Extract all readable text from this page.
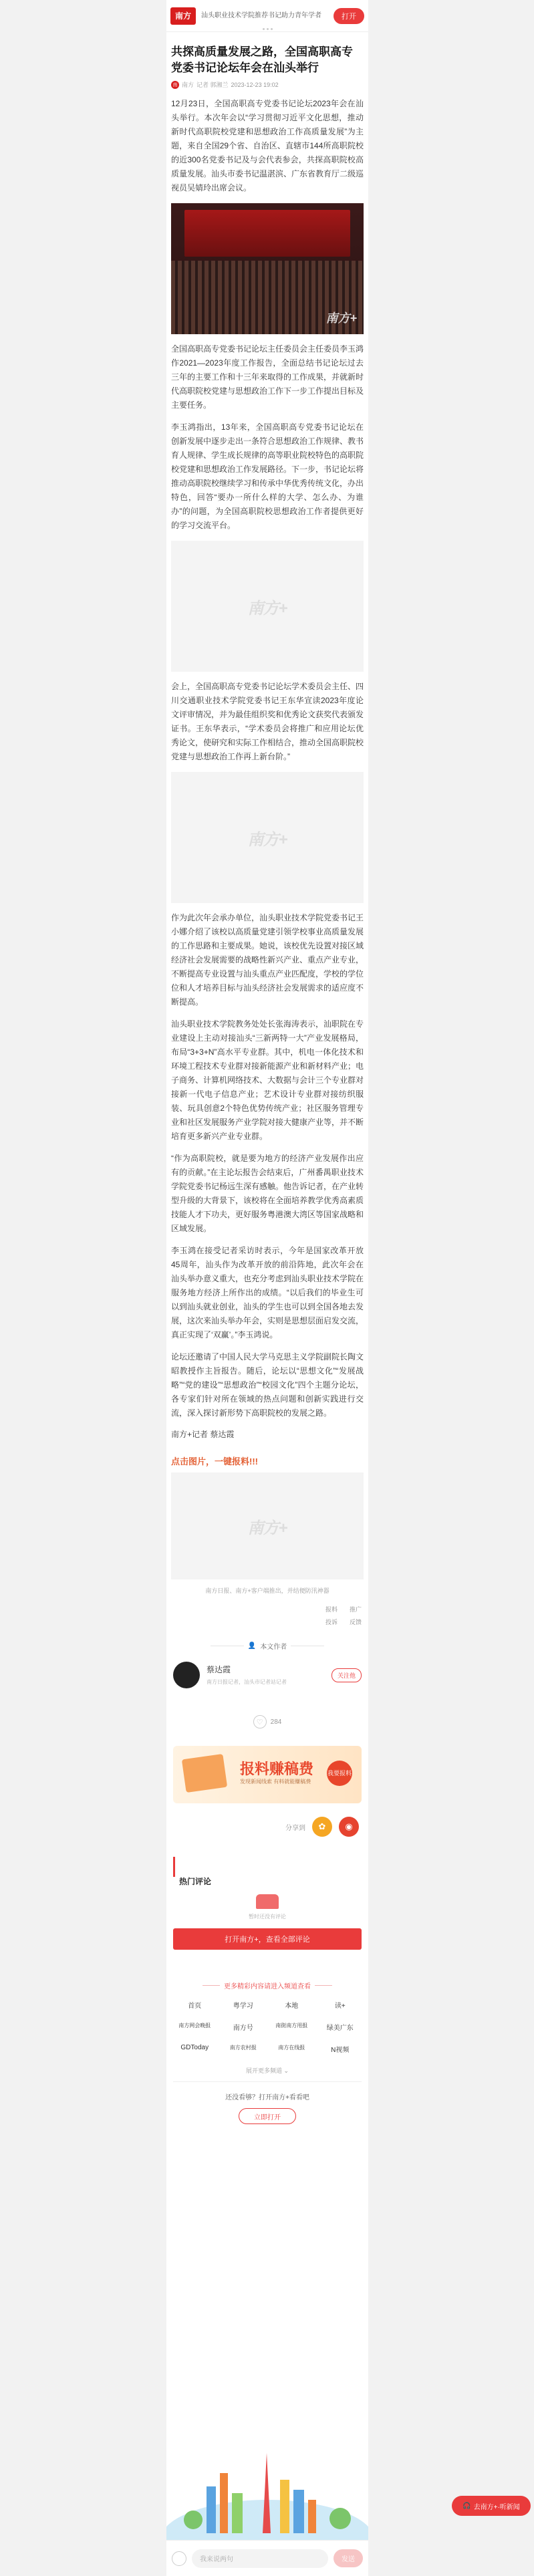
南方	汕头职业技术学院推荐书记助力青年学者	打开
共探高质量发展之路，全国高职高专党委书记论坛年会在汕头举行
南 南方 记者 郭湘兰 2023-12-23 19:02

12月23日，全国高职高专党委书记论坛2023年会在汕头举行。本次年会以“学习贯彻习近平文化思想，推动新时代高职院校党建和思想政治工作高质量发展”为主题，来自全国29个省、自治区、直辖市144所高职院校的近300名党委书记及与会代表参会，共探高职院校高质量发展。汕头市委书记温湛滨、广东省教育厅二级巡视员吴婧玲出席会议。

南方+

全国高职高专党委书记论坛主任委员会主任委员李玉鸿作2021—2023年度工作报告，全面总结书记论坛过去三年的主要工作和十三年来取得的工作成果，并就新时代高职院校党建与思想政治工作下一步工作提出目标及主要任务。

李玉鸿指出，13年来，全国高职高专党委书记论坛在创新发展中逐步走出一条符合思想政治工作规律、教书育人规律、学生成长规律的高等职业院校特色的高职院校党建和思想政治工作发展路径。下一步，书记论坛将推动高职院校继续学习和传承中华优秀传统文化，办出特色，回答“要办一所什么样的大学、怎么办、为谁办”的问题，为全国高职院校思想政治工作者提供更好的学习交流平台。

南方+

会上，全国高职高专党委书记论坛学术委员会主任、四川交通职业技术学院党委书记王东华宣读2023年度论文评审情况，并为最佳组织奖和优秀论文获奖代表颁发证书。王东华表示，“学术委员会将推广和应用论坛优秀论文，使研究和实际工作相结合，推动全国高职院校党建与思想政治工作再上新台阶。”

南方+

作为此次年会承办单位，汕头职业技术学院党委书记王小娜介绍了该校以高质量党建引领学校事业高质量发展的工作思路和主要成果。她说，该校优先设置对接区域经济社会发展需要的战略性新兴产业、重点产业专业，不断提高专业设置与汕头重点产业匹配度，学校的学位位和人才培养目标与汕头经济社会发展需求的适应度不断提高。

汕头职业技术学院教务处处长张海涛表示，汕职院在专业建设上主动对接汕头“三新两特一大”产业发展格局，布局“3+3+N”高水平专业群。其中，机电一体化技术和环境工程技术专业群对接新能源产业和新材料产业；电子商务、计算机网络技术、大数据与会计三个专业群对接新一代电子信息产业；艺术设计专业群对接纺织服装、玩具创意2个特色优势传统产业；社区服务管理专业和社区发展服务产业学院对接大健康产业等，并不断培育更多新兴产业专业群。

“作为高职院校，就是要为地方的经济产业发展作出应有的贡献。”在主论坛报告会结束后，广州番禺职业技术学院党委书记杨远生深有感触。他告诉记者，在产业转型升级的大背景下，该校将在全面培养教学优秀高素质技能人才下功夫，更好服务粤港澳大湾区等国家战略和区域发展。

李玉鸿在接受记者采访时表示，今年是国家改革开放45周年，汕头作为改革开放的前沿阵地，此次年会在汕头举办意义重大，也充分考虑到汕头职业技术学院在服务地方经济上所作出的成绩。“以后我们的毕业生可以到汕头就业创业，汕头的学生也可以到全国各地去发展，这次来汕头举办年会，实则是思想层面启发交流，真正实现了‘双赢’。”李玉鸿说。

论坛还邀请了中国人民大学马克思主义学院副院长陶文昭教授作主旨报告。随后，论坛以“思想文化”“发展战略”“党的建设”“思想政治”“校园文化”四个主题分论坛，各专家们针对所在领域的热点问题和创新实践进行交流，深入探讨新形势下高职院校的发展之路。

南方+记者 蔡达霞

点击图片，一键报料!!!
南方+
南方日报、南方+客户端推出，并结便防汛神器
报料 推广
投诉 反馈
👤 本文作者
蔡达霞
南方日报记者，汕头市记者站记者
关注他
♡	284
报料赚稿费
发现新闻线索 有料就能赚稿费
我要报料
分享到	✿	◉
热门评论
暂时还没有评论
打开南方+，查看全部评论
更多精彩内容请进入频道查看
首页	粤学习	本地	读+
南方网会晚报	南方号	南街南方用报	绿美广东
GDToday	南方农村报	南方在线报	N视频
展开更多频道 ⌄
还没看够？打开南方+看看吧
立即打开
我来说两句	发送
🎧 去南方+·听新闻
